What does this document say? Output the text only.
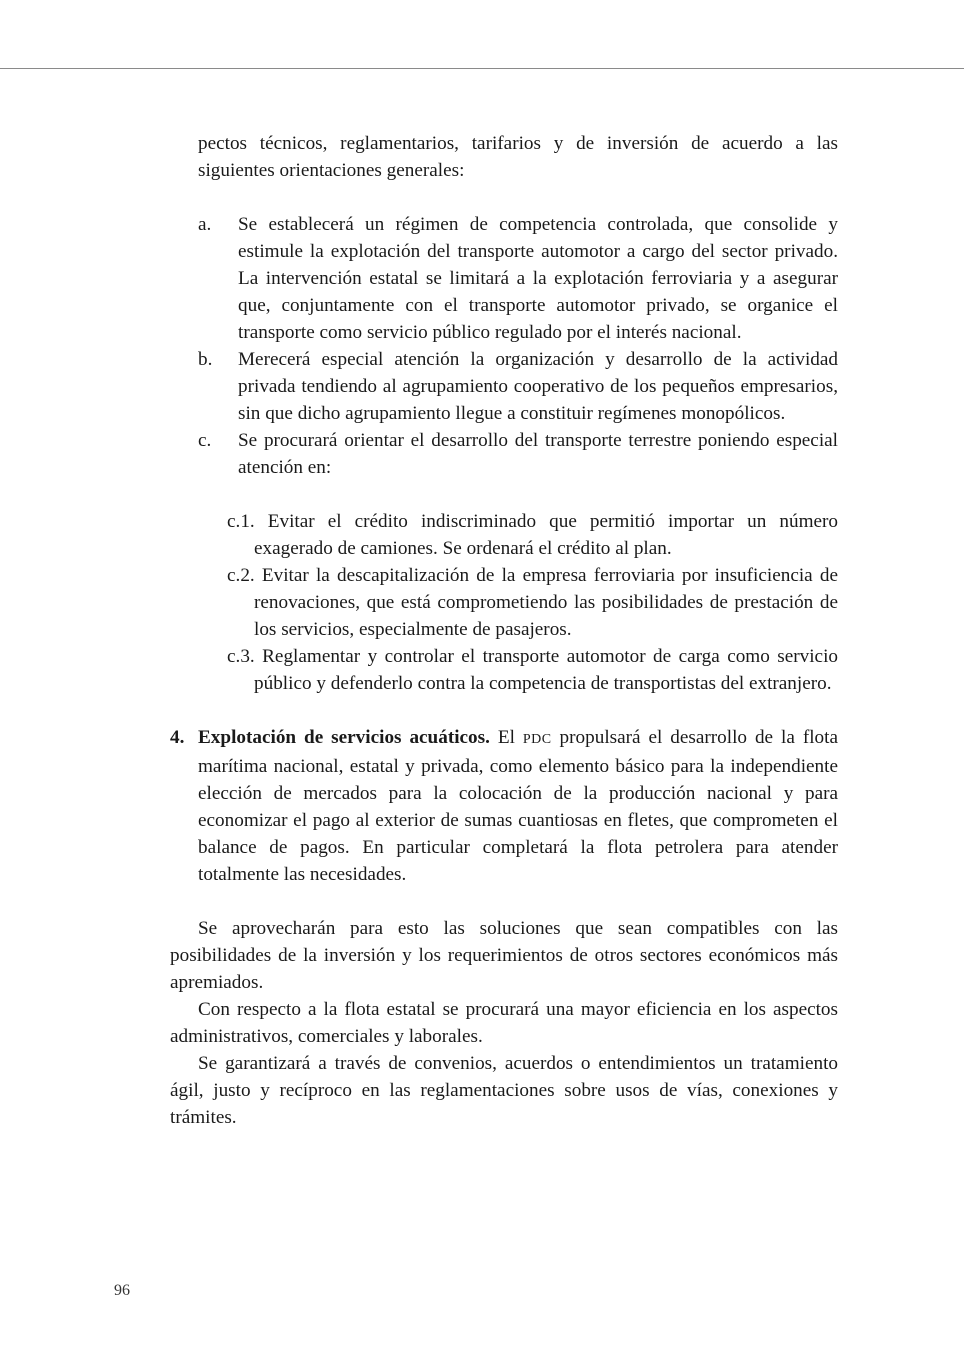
pectos técnicos, reglamentarios, tarifarios y de inversión de acuerdo a las siguientes orientaciones generales:

a.	Se establecerá un régimen de competencia controlada, que consolide y estimule la explotación del transporte automotor a cargo del sector privado. La intervención estatal se limitará a la explotación ferroviaria y a asegurar que, conjuntamente con el transporte automotor privado, se organice el transporte como servicio público regulado por el interés nacional.
b.	Merecerá especial atención la organización y desarrollo de la actividad privada tendiendo al agrupamiento cooperativo de los pequeños empresarios, sin que dicho agrupamiento llegue a constituir regímenes monopólicos.
c.	Se procurará orientar el desarrollo del transporte terrestre poniendo especial atención en:

c.1. Evitar el crédito indiscriminado que permitió importar un número exagerado de camiones. Se ordenará el crédito al plan.

c.2. Evitar la descapitalización de la empresa ferroviaria por insuficiencia de renovaciones, que está comprometiendo las posibilidades de prestación de los servicios, especialmente de pasajeros.

c.3. Reglamentar y controlar el transporte automotor de carga como servicio público y defenderlo contra la competencia de transportistas del extranjero.

4. Explotación de servicios acuáticos. El PDC propulsará el desarrollo de la flota marítima nacional, estatal y privada, como elemento básico para la independiente elección de mercados para la colocación de la producción nacional y para economizar el pago al exterior de sumas cuantiosas en fletes, que comprometen el balance de pagos. En particular completará la flota petrolera para atender totalmente las necesidades.

Se aprovecharán para esto las soluciones que sean compatibles con las posibilidades de la inversión y los requerimientos de otros sectores económicos más apremiados.

Con respecto a la flota estatal se procurará una mayor eficiencia en los aspectos administrativos, comerciales y laborales.

Se garantizará a través de convenios, acuerdos o entendimientos un tratamiento ágil, justo y recíproco en las reglamentaciones sobre usos de vías, conexiones y trámites.

96
